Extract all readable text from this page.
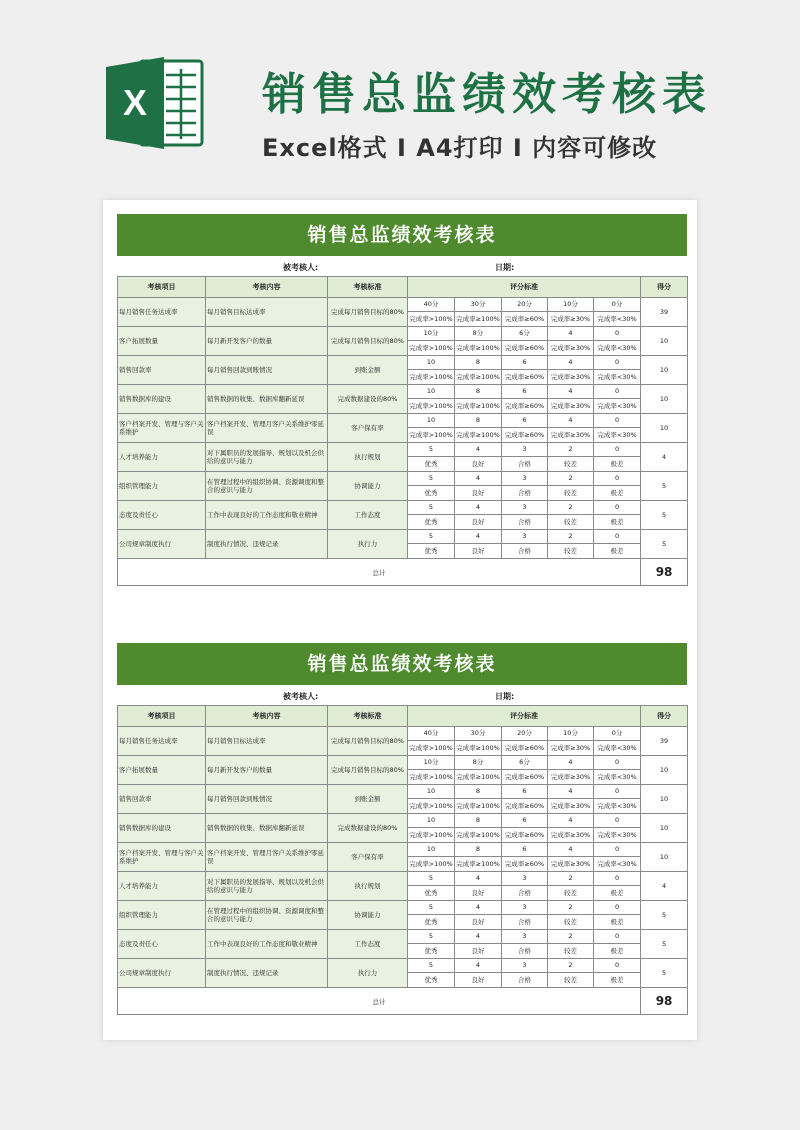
X	销售总监绩效考核表
Excel格式 I A4打印 I 内容可修改
销售总监绩效考核表
被考核人:	日期:
考核项目	考核内容	考核标准	评分标准					得分
每月销售任务达成率	每月销售目标达成率	完成每月销售目标的80%	40分	30分	20分	10分	0分	39
			完成率>100%	完成率≥100%	完成率≥60%	完成率≥30%	完成率<30%	
客户拓展数量	每月新开发客户的数量	完成每月销售目标的80%	10分	8分	6分	4	0	10
			完成率>100%	完成率≥100%	完成率≥60%	完成率≥30%	完成率<30%	
销售回款率	每月销售回款到账情况	到账金额	10	8	6	4	0	10
			完成率>100%	完成率≥100%	完成率≥60%	完成率≥30%	完成率<30%	
销售数据库的建设	销售数据的收集、数据库翻新延误	完成数据建设的80%	10	8	6	4	0	10
			完成率>100%	完成率≥100%	完成率≥60%	完成率≥30%	完成率<30%	
客户档案开发、管理与客户关系维护	客户档案开发、管理月客户关系维护零延误	客户保有率	10	8	6	4	0	10
			完成率>100%	完成率≥100%	完成率≥60%	完成率≥30%	完成率<30%	
人才培养能力	对下属职员的发展指导、规划以及机会供给的意识与能力	执行规划	5	4	3	2	0	4
			优秀	良好	合格	较差	极差	
组织管理能力	在管理过程中的组织协调、资源调度和整合的意识与能力	协调能力	5	4	3	2	0	5
			优秀	良好	合格	较差	极差	
态度及责任心	工作中表现良好的工作态度和敬业精神	工作态度	5	4	3	2	0	5
			优秀	良好	合格	较差	极差	
公司规章制度执行	制度执行情况、违规记录	执行力	5	4	3	2	0	5
			优秀	良好	合格	较差	极差	
总计								98
销售总监绩效考核表
被考核人:	日期:
考核项目	考核内容	考核标准	评分标准					得分
每月销售任务达成率	每月销售目标达成率	完成每月销售目标的80%	40分	30分	20分	10分	0分	39
			完成率>100%	完成率≥100%	完成率≥60%	完成率≥30%	完成率<30%	
客户拓展数量	每月新开发客户的数量	完成每月销售目标的80%	10分	8分	6分	4	0	10
			完成率>100%	完成率≥100%	完成率≥60%	完成率≥30%	完成率<30%	
销售回款率	每月销售回款到账情况	到账金额	10	8	6	4	0	10
			完成率>100%	完成率≥100%	完成率≥60%	完成率≥30%	完成率<30%	
销售数据库的建设	销售数据的收集、数据库翻新延误	完成数据建设的80%	10	8	6	4	0	10
			完成率>100%	完成率≥100%	完成率≥60%	完成率≥30%	完成率<30%	
客户档案开发、管理与客户关系维护	客户档案开发、管理月客户关系维护零延误	客户保有率	10	8	6	4	0	10
			完成率>100%	完成率≥100%	完成率≥60%	完成率≥30%	完成率<30%	
人才培养能力	对下属职员的发展指导、规划以及机会供给的意识与能力	执行规划	5	4	3	2	0	4
			优秀	良好	合格	较差	极差	
组织管理能力	在管理过程中的组织协调、资源调度和整合的意识与能力	协调能力	5	4	3	2	0	5
			优秀	良好	合格	较差	极差	
态度及责任心	工作中表现良好的工作态度和敬业精神	工作态度	5	4	3	2	0	5
			优秀	良好	合格	较差	极差	
公司规章制度执行	制度执行情况、违规记录	执行力	5	4	3	2	0	5
			优秀	良好	合格	较差	极差	
总计								98
